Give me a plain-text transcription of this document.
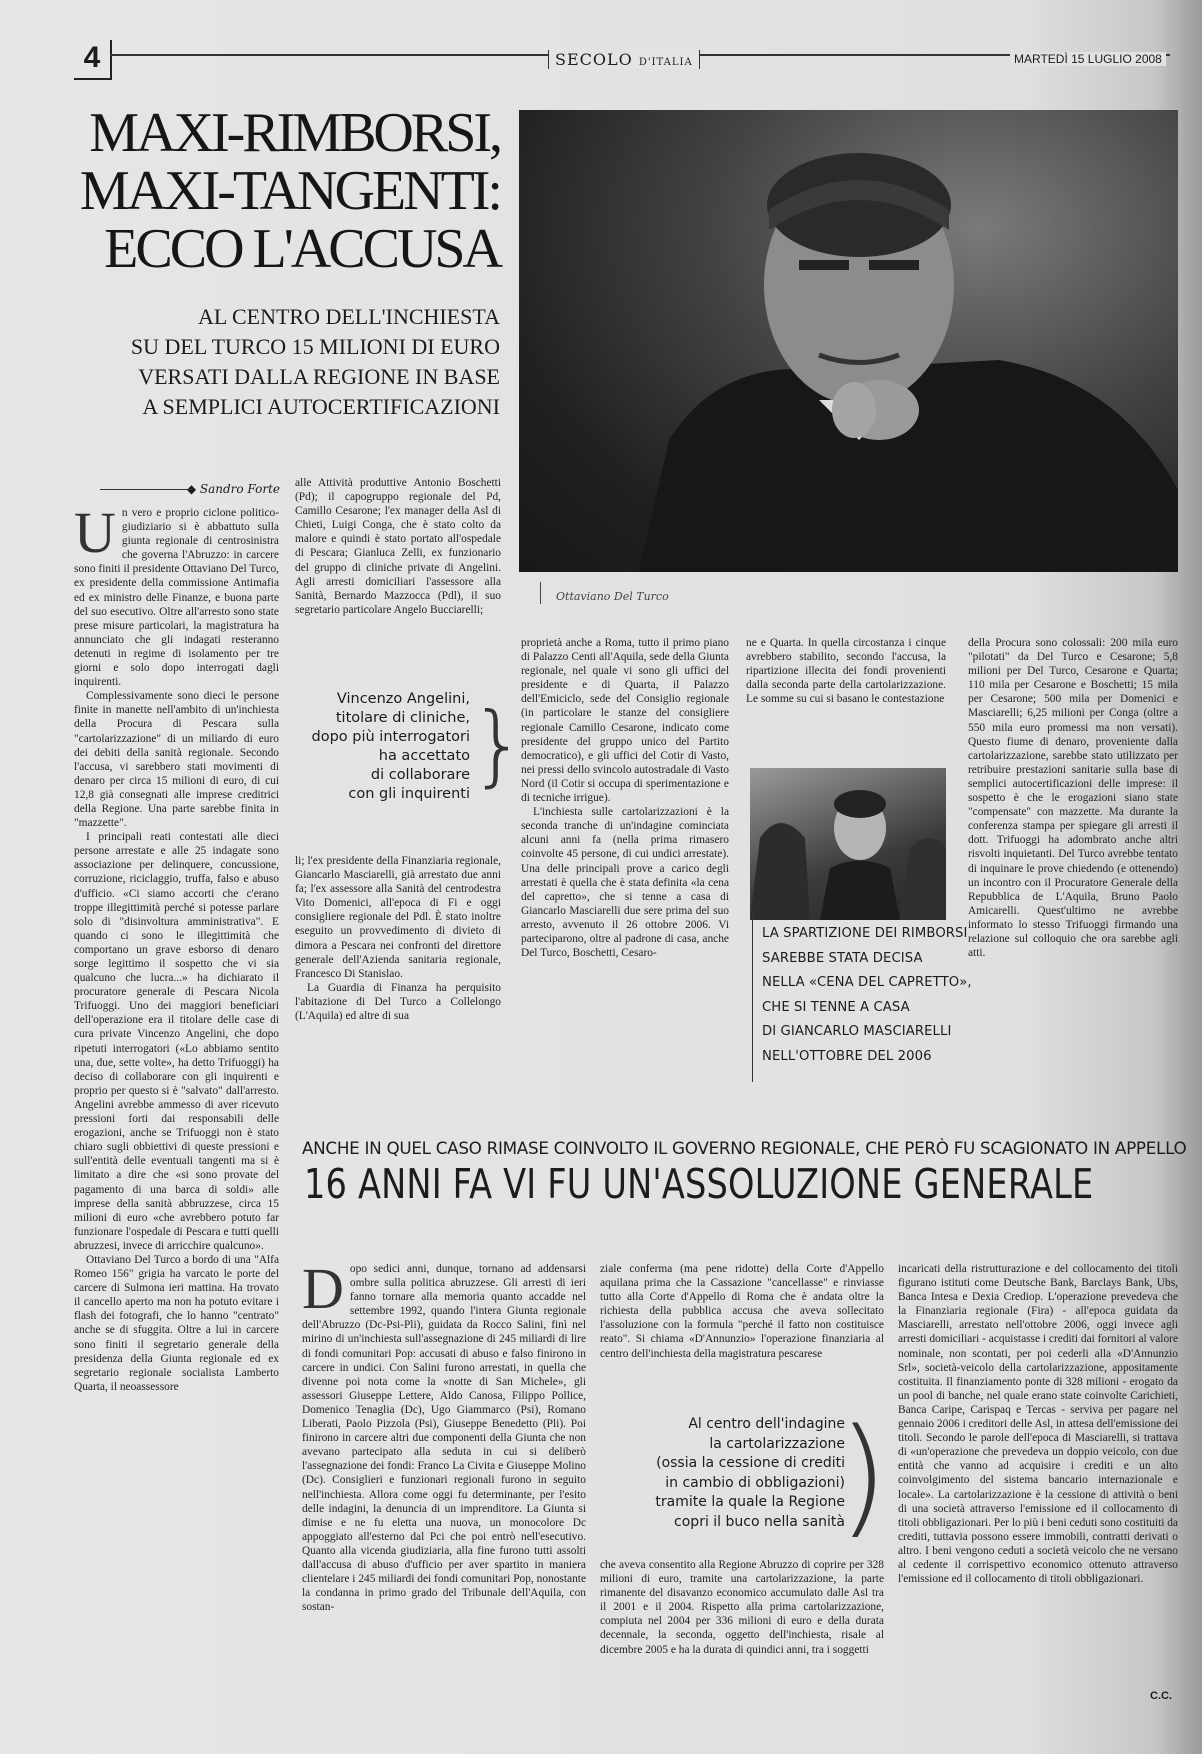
4	SECOLO D'ITALIA	MARTEDÌ 15 LUGLIO 2008
MAXI-RIMBORSI,
MAXI-TANGENTI:
ECCO L'ACCUSA
AL CENTRO DELL'INCHIESTA
SU DEL TURCO 15 MILIONI DI EURO
VERSATI DALLA REGIONE IN BASE
A SEMPLICI AUTOCERTIFICAZIONI
Ottaviano Del Turco
◆ Sandro Forte

Un vero e proprio ciclone politico-giudiziario si è abbattuto sulla giunta regionale di centrosinistra che governa l'Abruzzo: in carcere sono finiti il presidente Ottaviano Del Turco, ex presidente della commissione Antimafia ed ex ministro delle Finanze, e buona parte del suo esecutivo. Oltre all'arresto sono state prese misure particolari, la magistratura ha annunciato che gli indagati resteranno detenuti in regime di isolamento per tre giorni e solo dopo interrogati dagli inquirenti.

Complessivamente sono dieci le persone finite in manette nell'ambito di un'inchiesta della Procura di Pescara sulla "cartolarizzazione" di un miliardo di euro dei debiti della sanità regionale. Secondo l'accusa, vi sarebbero stati movimenti di denaro per circa 15 milioni di euro, di cui 12,8 già consegnati alle imprese creditrici della Regione. Una parte sarebbe finita in "mazzette".

I principali reati contestati alle dieci persone arrestate e alle 25 indagate sono associazione per delinquere, concussione, corruzione, riciclaggio, truffa, falso e abuso d'ufficio. «Ci siamo accorti che c'erano troppe illegittimità perché si potesse parlare solo di "disinvoltura amministrativa". E quando ci sono le illegittimità che comportano un grave esborso di denaro sorge legittimo il sospetto che vi sia qualcuno che lucra...» ha dichiarato il procuratore generale di Pescara Nicola Trifuoggi. Uno dei maggiori beneficiari dell'operazione era il titolare delle case di cura private Vincenzo Angelini, che dopo ripetuti interrogatori («Lo abbiamo sentito una, due, sette volte», ha detto Trifuoggi) ha deciso di collaborare con gli inquirenti e proprio per questo si è "salvato" dall'arresto. Angelini avrebbe ammesso di aver ricevuto pressioni forti dai responsabili delle erogazioni, anche se Trifuoggi non è stato chiaro sugli obbiettivi di queste pressioni e sull'entità delle eventuali tangenti ma si è limitato a dire che «si sono provate del pagamento di una barca di soldi» alle imprese della sanità abbruzzese, circa 15 milioni di euro «che avrebbero potuto far funzionare l'ospedale di Pescara e tutti quelli abruzzesi, invece di arricchire qualcuno».

Ottaviano Del Turco a bordo di una "Alfa Romeo 156" grigia ha varcato le porte del carcere di Sulmona ieri mattina. Ha trovato il cancello aperto ma non ha potuto evitare i flash dei fotografi, che lo hanno "centrato" anche se di sfuggita. Oltre a lui in carcere sono finiti il segretario generale della presidenza della Giunta regionale ed ex segretario regionale socialista Lamberto Quarta, il neoassessore

alle Attività produttive Antonio Boschetti (Pd); il capogruppo regionale del Pd, Camillo Cesarone; l'ex manager della Asl di Chieti, Luigi Conga, che è stato colto da malore e quindi è stato portato all'ospedale di Pescara; Gianluca Zelli, ex funzionario del gruppo di cliniche private di Angelini. Agli arresti domiciliari l'assessore alla Sanità, Bernardo Mazzocca (Pdl), il suo segretario particolare Angelo Bucciarelli;

Vincenzo Angelini,
titolare di cliniche,
dopo più interrogatori
ha accettato
di collaborare
con gli inquirenti }

li; l'ex presidente della Finanziaria regionale, Giancarlo Masciarelli, già arrestato due anni fa; l'ex assessore alla Sanità del centrodestra Vito Domenici, all'epoca di Fi e oggi consigliere regionale del Pdl. È stato inoltre eseguito un provvedimento di divieto di dimora a Pescara nei confronti del direttore generale dell'Azienda sanitaria regionale, Francesco Di Stanislao.

La Guardia di Finanza ha perquisito l'abitazione di Del Turco a Collelongo (L'Aquila) ed altre di sua

proprietà anche a Roma, tutto il primo piano di Palazzo Centi all'Aquila, sede della Giunta regionale, nel quale vi sono gli uffici del presidente e di Quarta, il Palazzo dell'Emiciclo, sede del Consiglio regionale (in particolare le stanze del consigliere regionale Camillo Cesarone, indicato come presidente del gruppo unico del Partito democratico), e gli uffici del Cotir di Vasto, nei pressi dello svincolo autostradale di Vasto Nord (il Cotir si occupa di sperimentazione e di tecniche irrigue).

L'inchiesta sulle cartolarizzazioni è la seconda tranche di un'indagine cominciata alcuni anni fa (nella prima rimasero coinvolte 45 persone, di cui undici arrestate). Una delle principali prove a carico degli arrestati è quella che è stata definita «la cena del capretto», che si tenne a casa di Giancarlo Masciarelli due sere prima del suo arresto, avvenuto il 26 ottobre 2006. Vi parteciparono, oltre al padrone di casa, anche Del Turco, Boschetti, Cesaro-

ne e Quarta. In quella circostanza i cinque avrebbero stabilito, secondo l'accusa, la ripartizione illecita dei fondi provenienti dalla seconda parte della cartolarizzazione. Le somme su cui si basano le contestazione

LA SPARTIZIONE DEI RIMBORSI
SAREBBE STATA DECISA
NELLA «CENA DEL CAPRETTO»,
CHE SI TENNE A CASA
DI GIANCARLO MASCIARELLI
NELL'OTTOBRE DEL 2006

della Procura sono colossali: 200 mila euro "pilotati" da Del Turco e Cesarone; 5,8 milioni per Del Turco, Cesarone e Quarta; 110 mila per Cesarone e Boschetti; 15 mila per Cesarone; 500 mila per Domenici e Masciarelli; 6,25 milioni per Conga (oltre a 550 mila euro promessi ma non versati). Questo fiume di denaro, proveniente dalla cartolarizzazione, sarebbe stato utilizzato per retribuire prestazioni sanitarie sulla base di semplici autocertificazioni delle imprese: il sospetto è che le erogazioni siano state "compensate" con mazzette. Ma durante la conferenza stampa per spiegare gli arresti il dott. Trifuoggi ha adombrato anche altri risvolti inquietanti. Del Turco avrebbe tentato di inquinare le prove chiedendo (e ottenendo) un incontro con il Procuratore Generale della Repubblica de L'Aquila, Bruno Paolo Amicarelli. Quest'ultimo ne avrebbe informato lo stesso Trifuoggi firmando una relazione sul colloquio che ora sarebbe agli atti.

ANCHE IN QUEL CASO RIMASE COINVOLTO IL GOVERNO REGIONALE, CHE PERÒ FU SCAGIONATO IN APPELLO
16 ANNI FA VI FU UN'ASSOLUZIONE GENERALE

Dopo sedici anni, dunque, tornano ad addensarsi ombre sulla politica abruzzese. Gli arresti di ieri fanno tornare alla memoria quanto accadde nel settembre 1992, quando l'intera Giunta regionale dell'Abruzzo (Dc-Psi-Pli), guidata da Rocco Salini, finì nel mirino di un'inchiesta sull'assegnazione di 245 miliardi di lire di fondi comunitari Pop: accusati di abuso e falso finirono in carcere in undici. Con Salini furono arrestati, in quella che divenne poi nota come la «notte di San Michele», gli assessori Giuseppe Lettere, Aldo Canosa, Filippo Pollice, Domenico Tenaglia (Dc), Ugo Giammarco (Psi), Romano Liberati, Paolo Pizzola (Psi), Giuseppe Benedetto (Pli). Poi finirono in carcere altri due componenti della Giunta che non avevano partecipato alla seduta in cui si deliberò l'assegnazione dei fondi: Franco La Civita e Giuseppe Molino (Dc). Consiglieri e funzionari regionali furono in seguito nell'inchiesta. Allora come oggi fu determinante, per l'esito delle indagini, la denuncia di un imprenditore. La Giunta si dimise e ne fu eletta una nuova, un monocolore Dc appoggiato all'esterno dal Pci che poi entrò nell'esecutivo. Quanto alla vicenda giudiziaria, alla fine furono tutti assolti dall'accusa di abuso d'ufficio per aver spartito in maniera clientelare i 245 miliardi dei fondi comunitari Pop, nonostante la condanna in primo grado del Tribunale dell'Aquila, con sostan-

ziale conferma (ma pene ridotte) della Corte d'Appello aquilana prima che la Cassazione "cancellasse" e rinviasse tutto alla Corte d'Appello di Roma che è andata oltre la richiesta della pubblica accusa che aveva sollecitato l'assoluzione con la formula "perché il fatto non costituisce reato". Si chiama «D'Annunzio» l'operazione finanziaria al centro dell'inchiesta della magistratura pescarese

Al centro dell'indagine
la cartolarizzazione
(ossia la cessione di crediti
in cambio di obbligazioni)
tramite la quale la Regione
copri il buco nella sanità
)

che aveva consentito alla Regione Abruzzo di coprire per 328 milioni di euro, tramite una cartolarizzazione, la parte rimanente del disavanzo economico accumulato dalle Asl tra il 2001 e il 2004. Rispetto alla prima cartolarizzazione, compiuta nel 2004 per 336 milioni di euro e della durata decennale, la seconda, oggetto dell'inchiesta, risale al dicembre 2005 e ha la durata di quindici anni, tra i soggetti

incaricati della ristrutturazione e del collocamento dei titoli figurano istituti come Deutsche Bank, Barclays Bank, Ubs, Banca Intesa e Dexia Crediop. L'operazione prevedeva che la Finanziaria regionale (Fira) - all'epoca guidata da Masciarelli, arrestato nell'ottobre 2006, oggi invece agli arresti domiciliari - acquistasse i crediti dai fornitori al valore nominale, non scontati, per poi cederli alla «D'Annunzio Srl», società-veicolo della cartolarizzazione, appositamente costituita. Il finanziamento ponte di 328 milioni - erogato da un pool di banche, nel quale erano state coinvolte Carichieti, Banca Caripe, Carispaq e Tercas - serviva per pagare nel gennaio 2006 i creditori delle Asl, in attesa dell'emissione dei titoli. Secondo le parole dell'epoca di Masciarelli, si trattava di «un'operazione che prevedeva un doppio veicolo, con due entità che vanno ad acquisire i crediti e un alto coinvolgimento del sistema bancario internazionale e locale». La cartolarizzazione è la cessione di attività o beni di una società attraverso l'emissione ed il collocamento di titoli obbligazionari. Per lo più i beni ceduti sono costituiti da crediti, tuttavia possono essere immobili, contratti derivati o altro. I beni vengono ceduti a società veicolo che ne versano al cedente il corrispettivo economico ottenuto attraverso l'emissione ed il collocamento di titoli obbligazionari.

C.C.
